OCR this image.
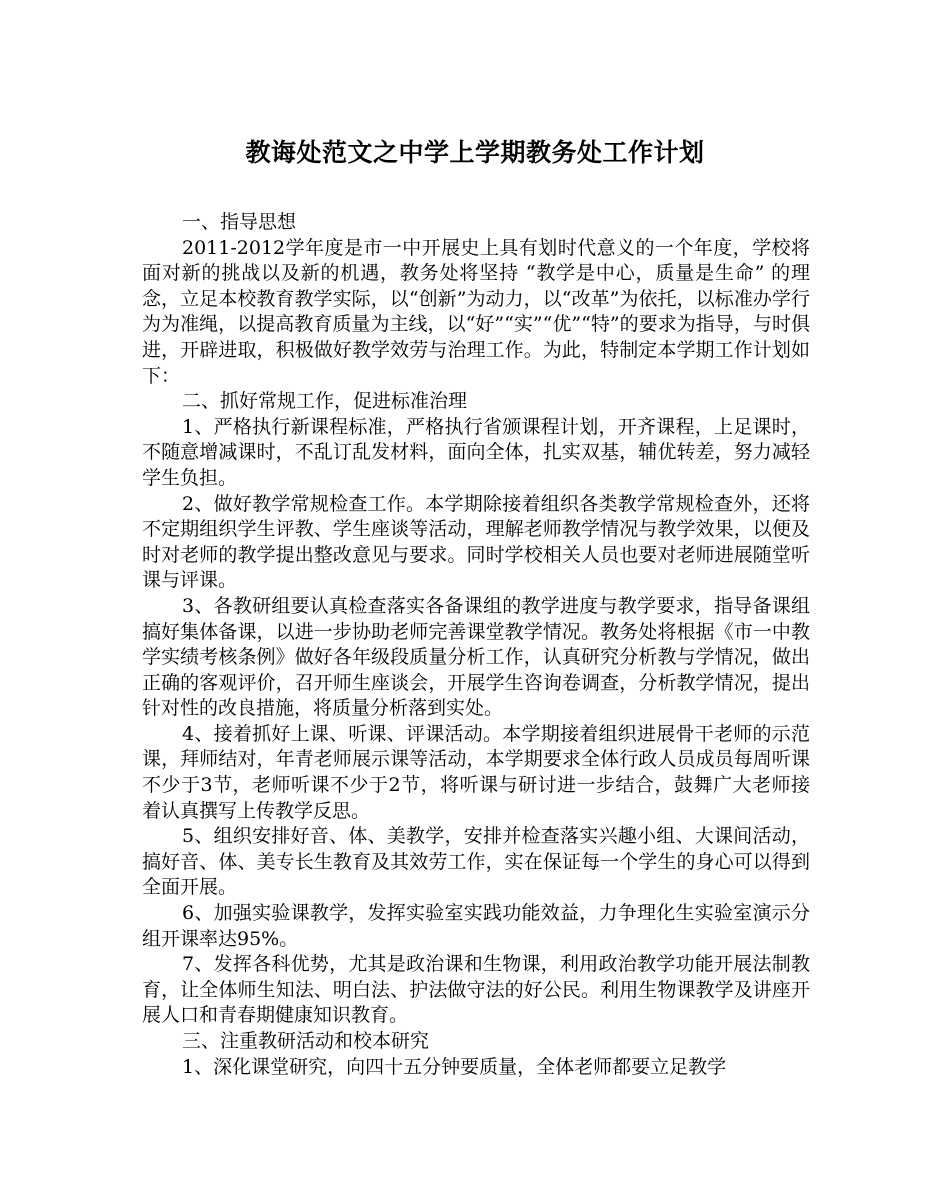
教诲处范文之中学上学期教务处工作计划

一、指导思想

2011-2012学年度是市一中开展史上具有划时代意义的一个年度，学校将面对新的挑战以及新的机遇，教务处将坚持 “教学是中心，质量是生命” 的理念，立足本校教育教学实际，以“创新”为动力，以“改革”为依托，以标准办学行为为准绳，以提高教育质量为主线，以“好”“实”“优”“特”的要求为指导，与时俱进，开辟进取，积极做好教学效劳与治理工作。为此，特制定本学期工作计划如下：

二、抓好常规工作，促进标准治理

1、严格执行新课程标准，严格执行省颁课程计划，开齐课程，上足课时，不随意增减课时，不乱订乱发材料，面向全体，扎实双基，辅优转差，努力减轻学生负担。

2、做好教学常规检查工作。本学期除接着组织各类教学常规检查外，还将不定期组织学生评教、学生座谈等活动，理解老师教学情况与教学效果，以便及时对老师的教学提出整改意见与要求。同时学校相关人员也要对老师进展随堂听课与评课。

3、各教研组要认真检查落实各备课组的教学进度与教学要求，指导备课组搞好集体备课，以进一步协助老师完善课堂教学情况。教务处将根据《市一中教学实绩考核条例》做好各年级段质量分析工作，认真研究分析教与学情况，做出正确的客观评价，召开师生座谈会，开展学生咨询卷调查，分析教学情况，提出针对性的改良措施，将质量分析落到实处。

4、接着抓好上课、听课、评课活动。本学期接着组织进展骨干老师的示范课，拜师结对，年青老师展示课等活动，本学期要求全体行政人员成员每周听课不少于3节，老师听课不少于2节，将听课与研讨进一步结合，鼓舞广大老师接着认真撰写上传教学反思。

5、组织安排好音、体、美教学，安排并检查落实兴趣小组、大课间活动，搞好音、体、美专长生教育及其效劳工作，实在保证每一个学生的身心可以得到全面开展。

6、加强实验课教学，发挥实验室实践功能效益，力争理化生实验室演示分组开课率达95%。

7、发挥各科优势，尤其是政治课和生物课，利用政治教学功能开展法制教育，让全体师生知法、明白法、护法做守法的好公民。利用生物课教学及讲座开展人口和青春期健康知识教育。

三、注重教研活动和校本研究

1、深化课堂研究，向四十五分钟要质量，全体老师都要立足教学
